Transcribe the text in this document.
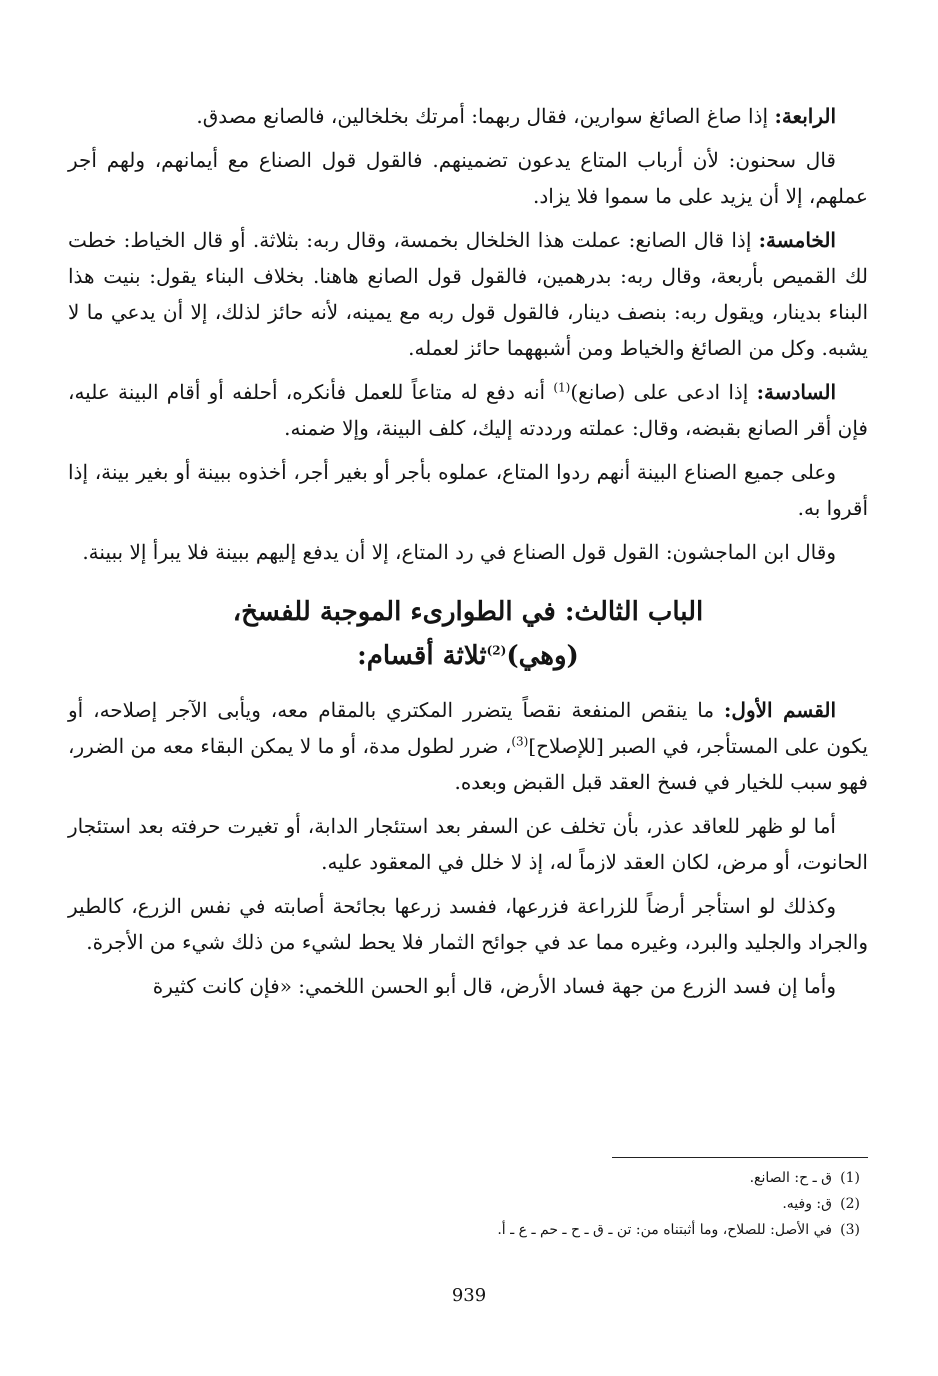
الرابعة: إذا صاغ الصائغ سوارين، فقال ربهما: أمرتك بخلخالين، فالصانع مصدق.

قال سحنون: لأن أرباب المتاع يدعون تضمينهم. فالقول قول الصناع مع أيمانهم، ولهم أجر عملهم، إلا أن يزيد على ما سموا فلا يزاد.

الخامسة: إذا قال الصانع: عملت هذا الخلخال بخمسة، وقال ربه: بثلاثة. أو قال الخياط: خطت لك القميص بأربعة، وقال ربه: بدرهمين، فالقول قول الصانع هاهنا. بخلاف البناء يقول: بنيت هذا البناء بدينار، ويقول ربه: بنصف دينار، فالقول قول ربه مع يمينه، لأنه حائز لذلك، إلا أن يدعي ما لا يشبه. وكل من الصائغ والخياط ومن أشبههما حائز لعمله.

السادسة: إذا ادعى على (صانع)$^{(1)}$ أنه دفع له متاعاً للعمل فأنكره، أحلفه أو أقام البينة عليه، فإن أقر الصانع بقبضه، وقال: عملته ورددته إليك، كلف البينة، وإلا ضمنه.

وعلى جميع الصناع البينة أنهم ردوا المتاع، عملوه بأجر أو بغير أجر، أخذوه ببينة أو بغير بينة، إذا أقروا به.

وقال ابن الماجشون: القول قول الصناع في رد المتاع، إلا أن يدفع إليهم ببينة فلا يبرأ إلا ببينة.

الباب الثالث: في الطوارىء الموجبة للفسخ،
(وهي)$^{(2)}$ثلاثة أقسام:

القسم الأول: ما ينقص المنفعة نقصاً يتضرر المكتري بالمقام معه، ويأبى الآجر إصلاحه، أو يكون على المستأجر، في الصبر [للإصلاح]$^{(3)}$، ضرر لطول مدة، أو ما لا يمكن البقاء معه من الضرر، فهو سبب للخيار في فسخ العقد قبل القبض وبعده.

أما لو ظهر للعاقد عذر، بأن تخلف عن السفر بعد استئجار الدابة، أو تغيرت حرفته بعد استئجار الحانوت، أو مرض، لكان العقد لازماً له، إذ لا خلل في المعقود عليه.

وكذلك لو استأجر أرضاً للزراعة فزرعها، ففسد زرعها بجائحة أصابته في نفس الزرع، كالطير والجراد والجليد والبرد، وغيره مما عد في جوائح الثمار فلا يحط لشيء من ذلك شيء من الأجرة.

وأما إن فسد الزرع من جهة فساد الأرض، قال أبو الحسن اللخمي: «فإن كانت كثيرة

(1)ق ـ ح: الصانع.
(2)ق: وفيه.
(3)في الأصل: للصلاح، وما أثبتناه من: تن ـ ق ـ ح ـ حم ـ ع ـ أ.
939
